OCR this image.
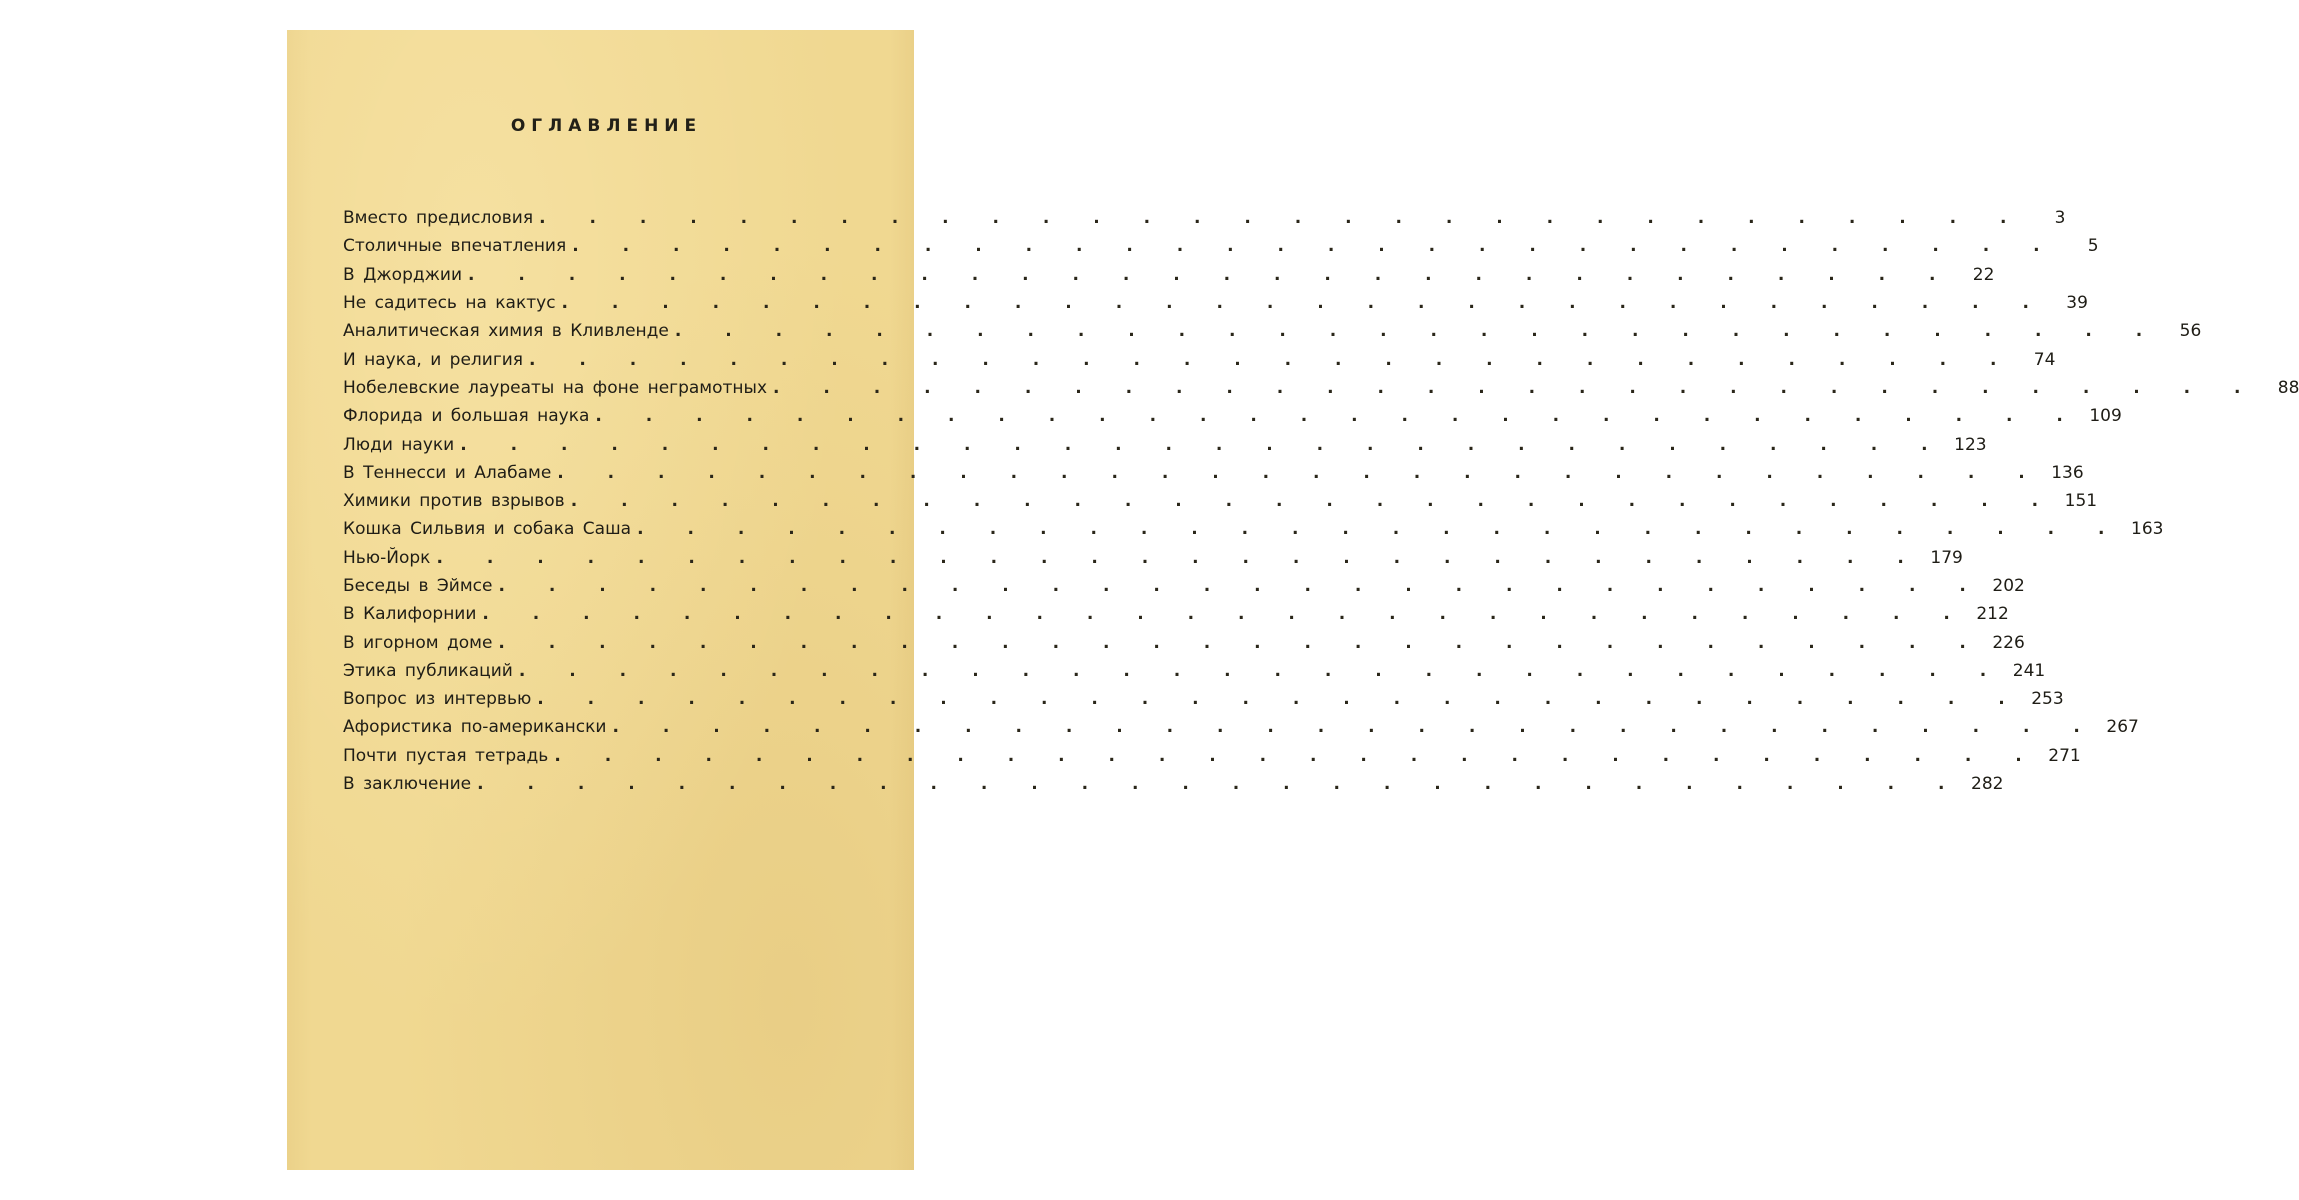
ОГЛАВЛЕНИЕ
Вместо предисловия . . . . . . . . . . . . . . . . . . . . . . . . . . . . . .	3
Столичные впечатления . . . . . . . . . . . . . . . . . . . . . . . . . . . . . .	5
В Джорджии . . . . . . . . . . . . . . . . . . . . . . . . . . . . . .	22
Не садитесь на кактус . . . . . . . . . . . . . . . . . . . . . . . . . . . . . .	39
Аналитическая химия в Кливленде . . . . . . . . . . . . . . . . . . . . . . . . . . . . . .	56
И наука, и религия . . . . . . . . . . . . . . . . . . . . . . . . . . . . . .	74
Нобелевские лауреаты на фоне неграмотных . . . . . . . . . . . . . . . . . . . . . . . . . . . . . .	88
Флорида и большая наука . . . . . . . . . . . . . . . . . . . . . . . . . . . . . . 109
Люди науки . . . . . . . . . . . . . . . . . . . . . . . . . . . . . . 123
В Теннесси и Алабаме . . . . . . . . . . . . . . . . . . . . . . . . . . . . . . 136
Химики против взрывов . . . . . . . . . . . . . . . . . . . . . . . . . . . . . . 151
Кошка Сильвия и собака Саша . . . . . . . . . . . . . . . . . . . . . . . . . . . . . . 163
Нью-Йорк . . . . . . . . . . . . . . . . . . . . . . . . . . . . . . 179
Беседы в Эймсе . . . . . . . . . . . . . . . . . . . . . . . . . . . . . . 202
В Калифорнии . . . . . . . . . . . . . . . . . . . . . . . . . . . . . . 212
В игорном доме . . . . . . . . . . . . . . . . . . . . . . . . . . . . . . 226
Этика публикаций . . . . . . . . . . . . . . . . . . . . . . . . . . . . . . 241
Вопрос из интервью . . . . . . . . . . . . . . . . . . . . . . . . . . . . . . 253
Афористика по-американски . . . . . . . . . . . . . . . . . . . . . . . . . . . . . . 267
Почти пустая тетрадь . . . . . . . . . . . . . . . . . . . . . . . . . . . . . . 271
В заключение . . . . . . . . . . . . . . . . . . . . . . . . . . . . . . 282
